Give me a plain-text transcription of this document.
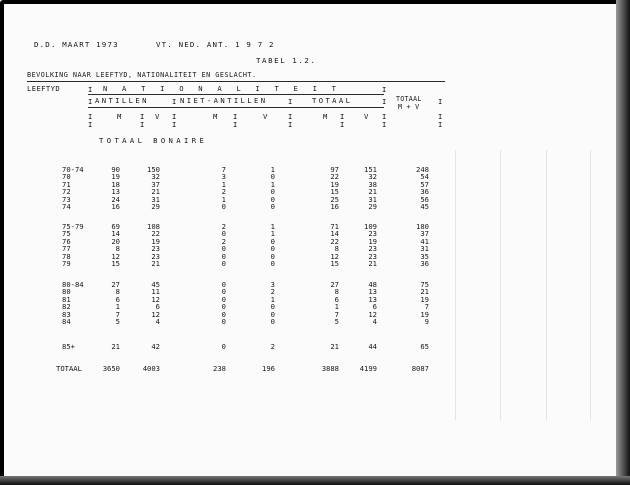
D.D. MAART 1973	VT. NED. ANT. 1 9 7 2
TABEL 1.2.
BEVOLKING NAAR LEEFTYD, NATIONALITEIT EN GESLACHT.
LEEFTYD	I N A T I O N A L I T E I T	I
I ANTILLEN	I NIET-ANTILLEN	I	TOTAAL	I TOTAAL
M + V
I
I	M	I V I	M I	V	I	M I	V I	I
I	I	I	I	I	I	I	I
TOTAAL BONAIRE
70-74	90	150	7	1	97	151	248
70	19	32	3	0	22	32	54
71	18	37	1	1	19	38	57
72	13	21	2	0	15	21	36
73	24	31	1	0	25	31	56
74	16	29	0	0	16	29	45
75-79	69	108	2	1	71	109	180
75	14	22	0	1	14	23	37
76	20	19	2	0	22	19	41
77	8	23	0	0	8	23	31
78	12	23	0	0	12	23	35
79	15	21	0	0	15	21	36
80-84	27	45	0	3	27	48	75
80	8	11	0	2	8	13	21
81	6	12	0	1	6	13	19
82	1	6	0	0	1	6	7
83	7	12	0	0	7	12	19
84	5	4	0	0	5	4	9
85+	21	42	0	2	21	44	65
TOTAAL	3650	4003	238	196	3888	4199	8087
